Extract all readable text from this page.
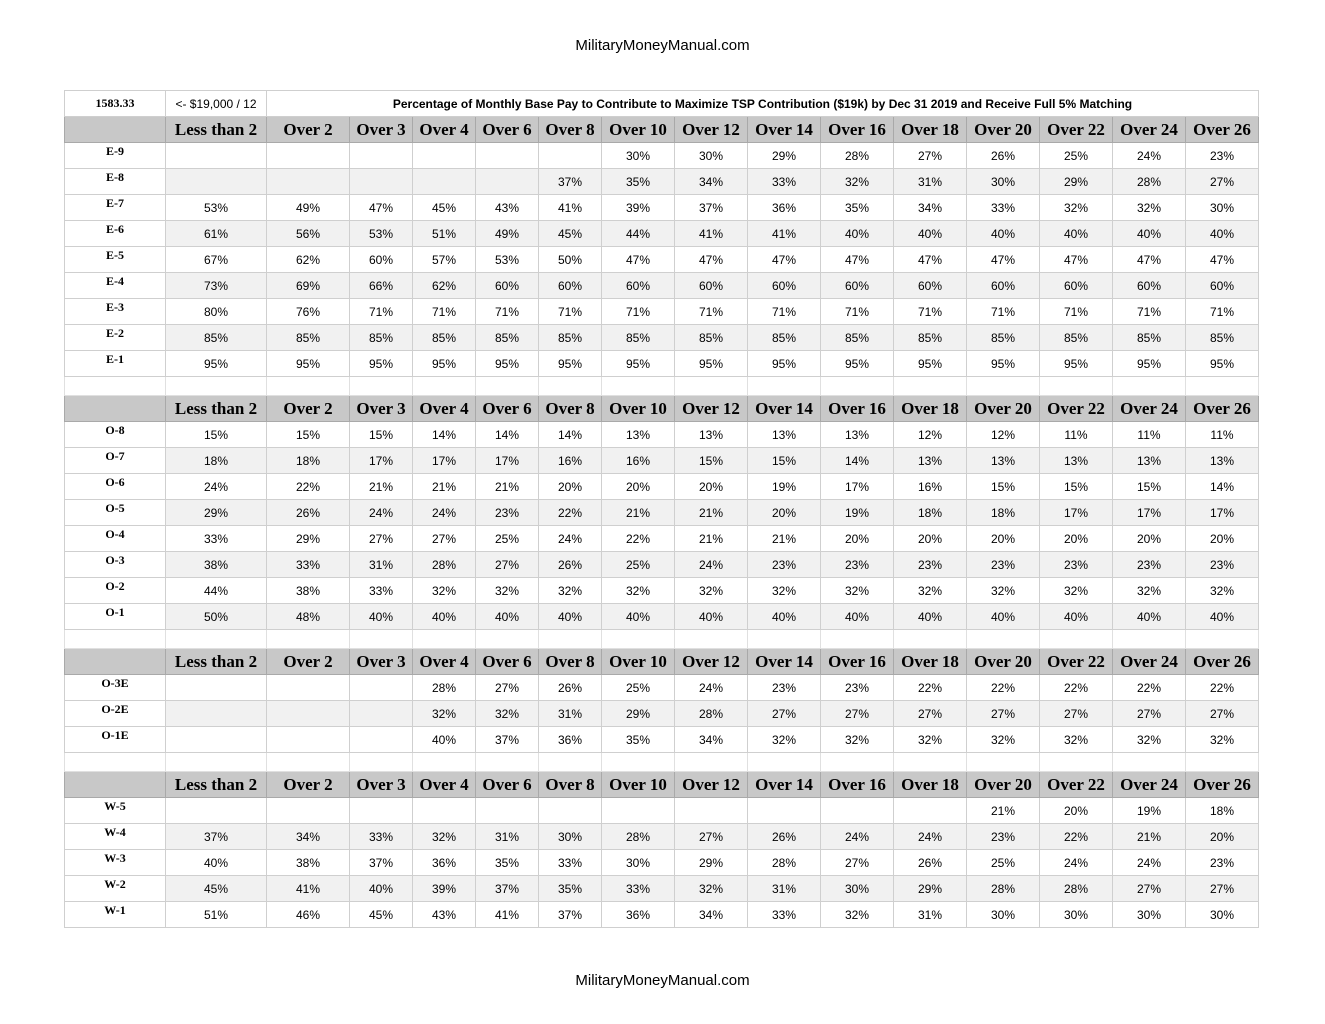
MilitaryMoneyManual.com
1583.33	<- $19,000 / 12	Percentage of Monthly Base Pay to Contribute to Maximize TSP Contribution ($19k) by Dec 31 2019 and Receive Full 5% Matching													
	Less than 2	Over 2	Over 3	Over 4	Over 6	Over 8	Over 10	Over 12	Over 14	Over 16	Over 18	Over 20	Over 22	Over 24	Over 26
E-9							30%	30%	29%	28%	27%	26%	25%	24%	23%
E-8						37%	35%	34%	33%	32%	31%	30%	29%	28%	27%
E-7	53%	49%	47%	45%	43%	41%	39%	37%	36%	35%	34%	33%	32%	32%	30%
E-6	61%	56%	53%	51%	49%	45%	44%	41%	41%	40%	40%	40%	40%	40%	40%
E-5	67%	62%	60%	57%	53%	50%	47%	47%	47%	47%	47%	47%	47%	47%	47%
E-4	73%	69%	66%	62%	60%	60%	60%	60%	60%	60%	60%	60%	60%	60%	60%
E-3	80%	76%	71%	71%	71%	71%	71%	71%	71%	71%	71%	71%	71%	71%	71%
E-2	85%	85%	85%	85%	85%	85%	85%	85%	85%	85%	85%	85%	85%	85%	85%
E-1	95%	95%	95%	95%	95%	95%	95%	95%	95%	95%	95%	95%	95%	95%	95%

	Less than 2	Over 2	Over 3	Over 4	Over 6	Over 8	Over 10	Over 12	Over 14	Over 16	Over 18	Over 20	Over 22	Over 24	Over 26
O-8	15%	15%	15%	14%	14%	14%	13%	13%	13%	13%	12%	12%	11%	11%	11%
O-7	18%	18%	17%	17%	17%	16%	16%	15%	15%	14%	13%	13%	13%	13%	13%
O-6	24%	22%	21%	21%	21%	20%	20%	20%	19%	17%	16%	15%	15%	15%	14%
O-5	29%	26%	24%	24%	23%	22%	21%	21%	20%	19%	18%	18%	17%	17%	17%
O-4	33%	29%	27%	27%	25%	24%	22%	21%	21%	20%	20%	20%	20%	20%	20%
O-3	38%	33%	31%	28%	27%	26%	25%	24%	23%	23%	23%	23%	23%	23%	23%
O-2	44%	38%	33%	32%	32%	32%	32%	32%	32%	32%	32%	32%	32%	32%	32%
O-1	50%	48%	40%	40%	40%	40%	40%	40%	40%	40%	40%	40%	40%	40%	40%

	Less than 2	Over 2	Over 3	Over 4	Over 6	Over 8	Over 10	Over 12	Over 14	Over 16	Over 18	Over 20	Over 22	Over 24	Over 26
O-3E				28%	27%	26%	25%	24%	23%	23%	22%	22%	22%	22%	22%
O-2E				32%	32%	31%	29%	28%	27%	27%	27%	27%	27%	27%	27%
O-1E				40%	37%	36%	35%	34%	32%	32%	32%	32%	32%	32%	32%

	Less than 2	Over 2	Over 3	Over 4	Over 6	Over 8	Over 10	Over 12	Over 14	Over 16	Over 18	Over 20	Over 22	Over 24	Over 26
W-5												21%	20%	19%	18%
W-4	37%	34%	33%	32%	31%	30%	28%	27%	26%	24%	24%	23%	22%	21%	20%
W-3	40%	38%	37%	36%	35%	33%	30%	29%	28%	27%	26%	25%	24%	24%	23%
W-2	45%	41%	40%	39%	37%	35%	33%	32%	31%	30%	29%	28%	28%	27%	27%
W-1	51%	46%	45%	43%	41%	37%	36%	34%	33%	32%	31%	30%	30%	30%	30%
MilitaryMoneyManual.com
